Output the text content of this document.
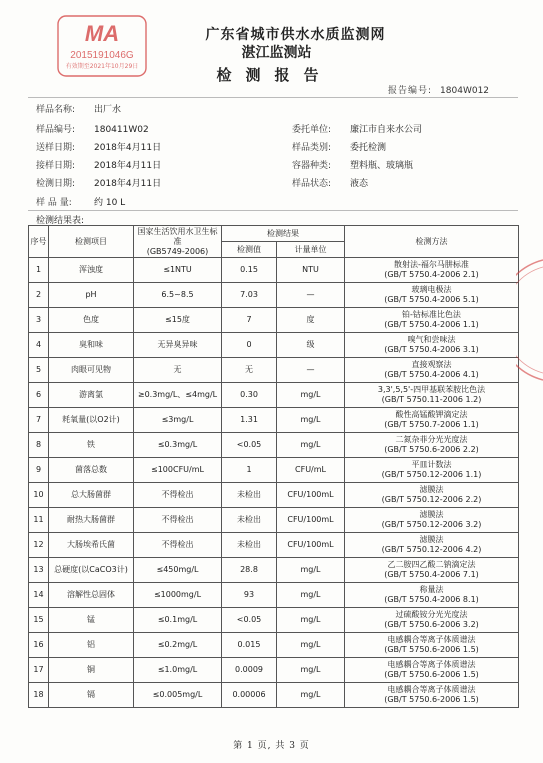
MA
2015191046G
有效期至2021年10月29日
广东省城市供水水质监测网
湛江监测站
检测报告
报告编号: 1804W012
样品名称: 出厂水
样品编号: 180411W02
送样日期: 2018年4月11日
接样日期: 2018年4月11日
检测日期: 2018年4月11日
样 品 量: 约 10 L
委托单位: 廉江市自来水公司
样品类别: 委托检测
容器种类: 塑料瓶、玻璃瓶
样品状态: 液态
检测结果表:
序号	检测项目	国家生活饮用水卫生标准
(GB5749-2006)	检测结果		检测方法
			检测值	计量单位	
1	浑浊度	≤1NTU	0.15	NTU	散射法-福尔马肼标准
(GB/T 5750.4-2006 2.1)

2	pH	6.5~8.5	7.03	—	玻璃电极法
(GB/T 5750.4-2006 5.1)

3	色度	≤15度	7	度	铂-钴标准比色法
(GB/T 5750.4-2006 1.1)

4	臭和味	无异臭异味	0	级	嗅气和尝味法
(GB/T 5750.4-2006 3.1)

5	肉眼可见物	无	无	—	直接观察法
(GB/T 5750.4-2006 4.1)

6	游离氯	≥0.3mg/L、≤4mg/L	0.30	mg/L	3,3',5,5'-四甲基联苯胺比色法
(GB/T 5750.11-2006 1.2)

7	耗氧量(以O2计)	≤3mg/L	1.31	mg/L	酸性高锰酸钾滴定法
(GB/T 5750.7-2006 1.1)

8	铁	≤0.3mg/L	<0.05	mg/L	二氮杂菲分光光度法
(GB/T 5750.6-2006 2.2)

9	菌落总数	≤100CFU/mL	1	CFU/mL	平皿计数法
(GB/T 5750.12-2006 1.1)

10	总大肠菌群	不得检出	未检出	CFU/100mL	滤膜法
(GB/T 5750.12-2006 2.2)

11	耐热大肠菌群	不得检出	未检出	CFU/100mL	滤膜法
(GB/T 5750.12-2006 3.2)

12	大肠埃希氏菌	不得检出	未检出	CFU/100mL	滤膜法
(GB/T 5750.12-2006 4.2)

13	总硬度(以CaCO3计)	≤450mg/L	28.8	mg/L	乙二胺四乙酸二钠滴定法
(GB/T 5750.4-2006 7.1)

14	溶解性总固体	≤1000mg/L	93	mg/L	称量法
(GB/T 5750.4-2006 8.1)

15	锰	≤0.1mg/L	<0.05	mg/L	过硫酸铵分光光度法
(GB/T 5750.6-2006 3.2)

16	铝	≤0.2mg/L	0.015	mg/L	电感耦合等离子体质谱法
(GB/T 5750.6-2006 1.5)

17	铜	≤1.0mg/L	0.0009	mg/L	电感耦合等离子体质谱法
(GB/T 5750.6-2006 1.5)

18	镉	≤0.005mg/L	0.00006	mg/L	电感耦合等离子体质谱法
(GB/T 5750.6-2006 1.5)
第 1 页, 共 3 页
